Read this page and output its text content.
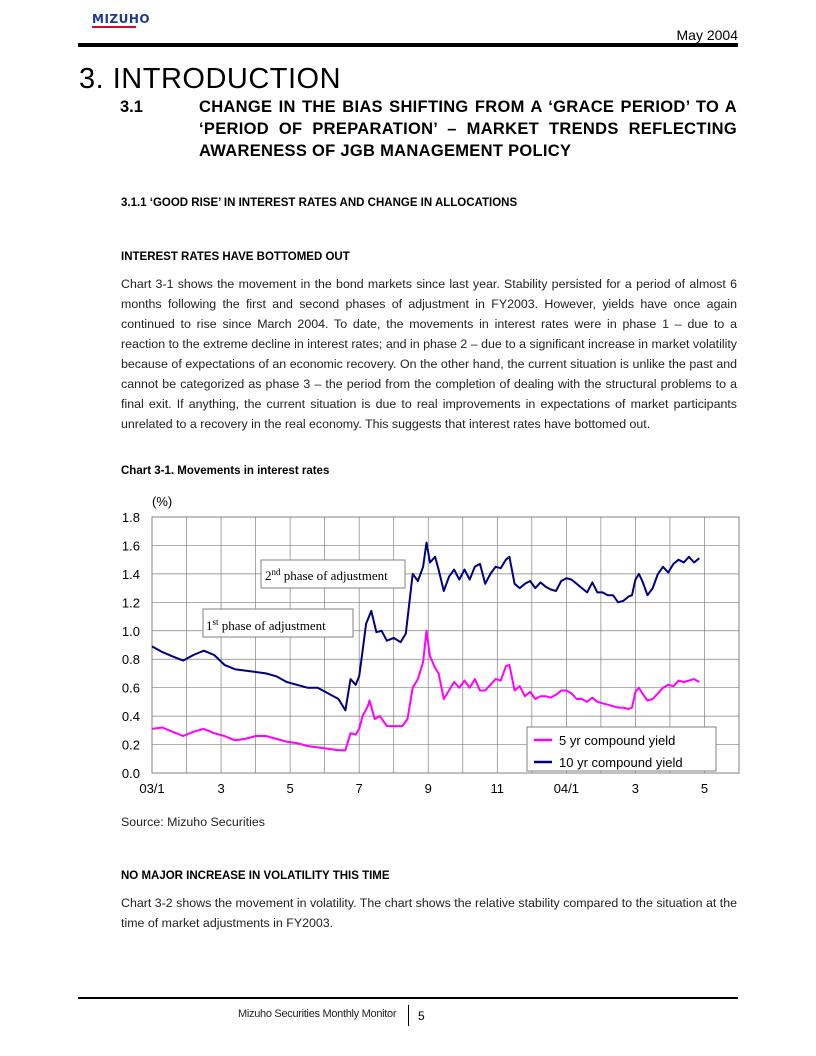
MIZUHO
May 2004
3. INTRODUCTION
3.1	CHANGE IN THE BIAS SHIFTING FROM A ‘GRACE PERIOD’ TO A ‘PERIOD OF PREPARATION’ – MARKET TRENDS REFLECTING AWARENESS OF JGB MANAGEMENT POLICY
3.1.1 ‘GOOD RISE’ IN INTEREST RATES AND CHANGE IN ALLOCATIONS
INTEREST RATES HAVE BOTTOMED OUT
Chart 3-1 shows the movement in the bond markets since last year. Stability persisted for a period of almost 6 months following the first and second phases of adjustment in FY2003. However, yields have once again continued to rise since March 2004. To date, the movements in interest rates were in phase 1 – due to a reaction to the extreme decline in interest rates; and in phase 2 – due to a significant increase in market volatility because of expectations of an economic recovery. On the other hand, the current situation is unlike the past and cannot be categorized as phase 3 – the period from the completion of dealing with the structural problems to a final exit. If anything, the current situation is due to real improvements in expectations of market participants unrelated to a recovery in the real economy. This suggests that interest rates have bottomed out.
Chart 3-1. Movements in interest rates
0.0
0.2
0.4
0.6
0.8
1.0
1.2
1.4
1.6
1.8
03/1	3	5	7	9	11	04/1	3	5
(%)
2nd phase of adjustment
1st phase of adjustment
5 yr compound yield
10 yr compound yield
Source: Mizuho Securities
NO MAJOR INCREASE IN VOLATILITY THIS TIME
Chart 3-2 shows the movement in volatility. The chart shows the relative stability compared to the situation at the time of market adjustments in FY2003.
Mizuho Securities Monthly Monitor 5
